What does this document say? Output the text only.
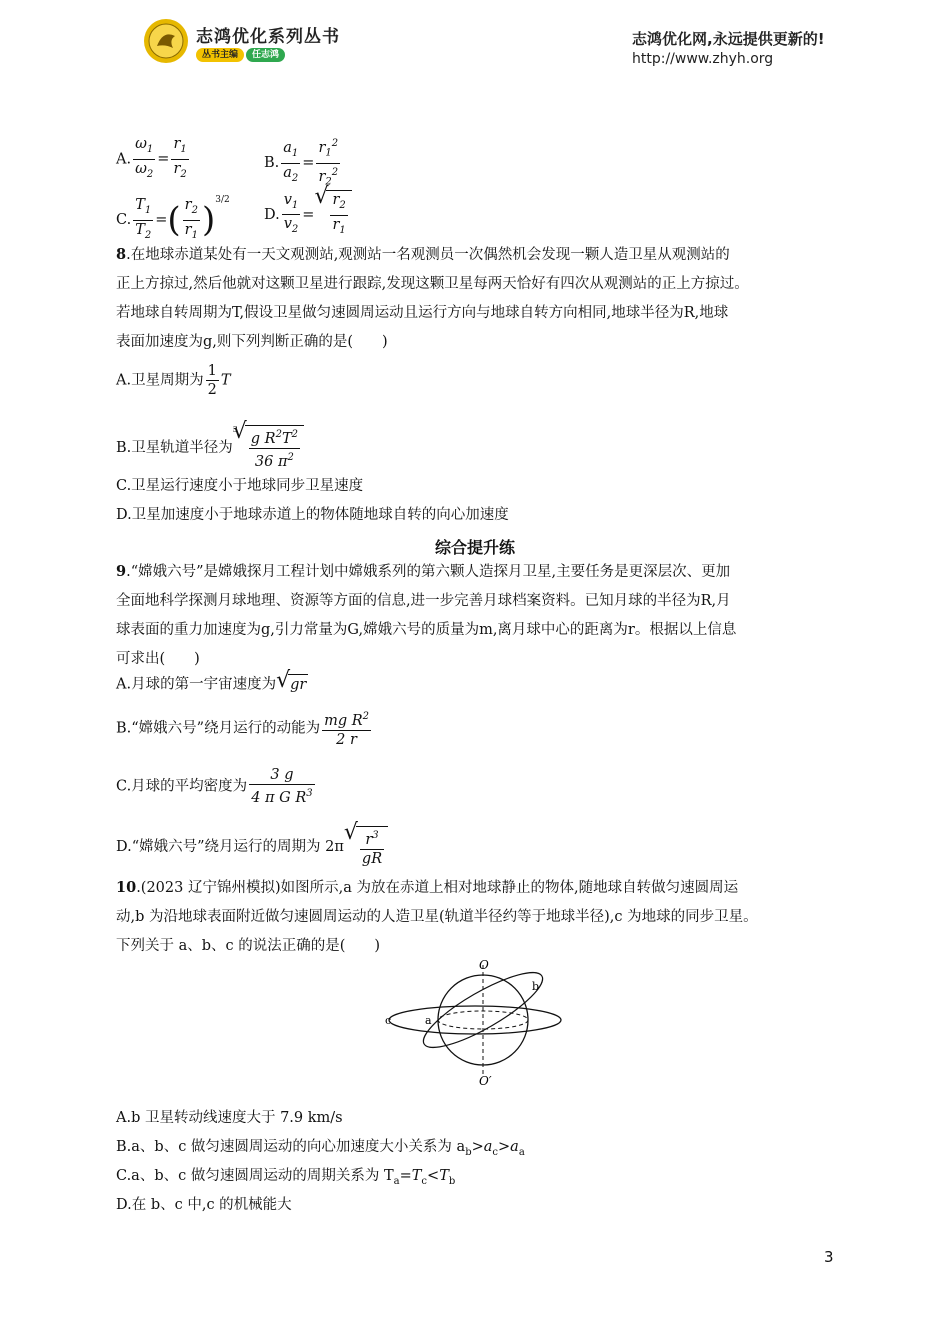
志鸿优化系列丛书
丛书主编	任志鸿
志鸿优化网,永远提供更新的!
http://www.zhyh.org
A. $\frac{\omega_1}{\omega_2} = \frac{r_1}{r_2}$	B. $\frac{a_1}{a_2} = \frac{r_1^2}{r_2^2}$
C. $\frac{T_1}{T_2}$ =( $\frac{r_2}{r_1} )^{3/2}$
D. $\frac{v_1}{v_2}$ = √ $\frac{r_2}{r_1}$
8.在地球赤道某处有一天文观测站,观测站一名观测员一次偶然机会发现一颗人造卫星从观测站的
正上方掠过,然后他就对这颗卫星进行跟踪,发现这颗卫星每两天恰好有四次从观测站的正上方掠过。
若地球自转周期为T,假设卫星做匀速圆周运动且运行方向与地球自转方向相同,地球半径为R,地球
表面加速度为g,则下列判断正确的是(　　)
A.卫星周期为 $\frac{1}{2}$ T
B.卫星轨道半径为3 √ $\frac{g R^2T^2}{36 \pi^2}$
C.卫星运行速度小于地球同步卫星速度
D.卫星加速度小于地球赤道上的物体随地球自转的向心加速度
综合提升练
9.“嫦娥六号”是嫦娥探月工程计划中嫦娥系列的第六颗人造探月卫星,主要任务是更深层次、更加
全面地科学探测月球地理、资源等方面的信息,进一步完善月球档案资料。已知月球的半径为R,月
球表面的重力加速度为g,引力常量为G,嫦娥六号的质量为m,离月球中心的距离为r。根据以上信息
可求出(　　)
A.月球的第一宇宙速度为 √ gr
B.“嫦娥六号”绕月运行的动能为 $\frac{mg R^2}{2 r}$
C.月球的平均密度为 $\frac{3 g}{4 \pi G R^3}$
D.“嫦娥六号”绕月运行的周期为 2π √ $\frac{r^3}{gR}$
10.(2023 辽宁锦州模拟)如图所示,a 为放在赤道上相对地球静止的物体,随地球自转做匀速圆周运
动,b 为沿地球表面附近做匀速圆周运动的人造卫星(轨道半径约等于地球半径),c 为地球的同步卫星。
下列关于 a、b、c 的说法正确的是(　　)
O
O′
a
b
c
A.b 卫星转动线速度大于 7.9 km/s
B.a、b、c 做匀速圆周运动的向心加速度大小关系为 $a_b>a_c>a_a$
C.a、b、c 做匀速圆周运动的周期关系为 $T_a=T_c<T_b$
D.在 b、c 中,c 的机械能大
3
